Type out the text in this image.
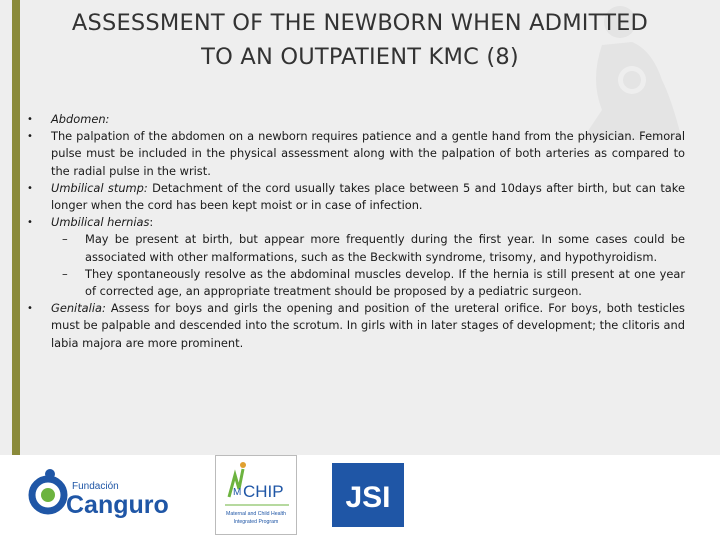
ASSESSMENT OF THE NEWBORN WHEN ADMITTED TO AN OUTPATIENT KMC (8)
• Abdomen:
• The palpation of the abdomen on a newborn requires patience and a gentle hand from the physician. Femoral pulse must be included in the physical assessment along with the palpation of both arteries as compared to the radial pulse in the wrist.
• Umbilical stump: Detachment of the cord usually takes place between 5 and 10days after birth, but can take longer when the cord has been kept moist or in case of infection.
• Umbilical hernias:
– May be present at birth, but appear more frequently during the first year. In some cases could be associated with other malformations, such as the Beckwith syndrome, trisomy, and hypothyroidism.
– They spontaneously resolve as the abdominal muscles develop. If the hernia is still present at one year of corrected age, an appropriate treatment should be proposed by a pediatric surgeon.
• Genitalia: Assess for boys and girls the opening and position of the ureteral orifice. For boys, both testicles must be palpable and descended into the scrotum. In girls with in later stages of development; the clitoris and labia majora are more prominent.
Fundación
Canguro	M CHIP
Maternal and Child Health
Integrated Program
JSI
